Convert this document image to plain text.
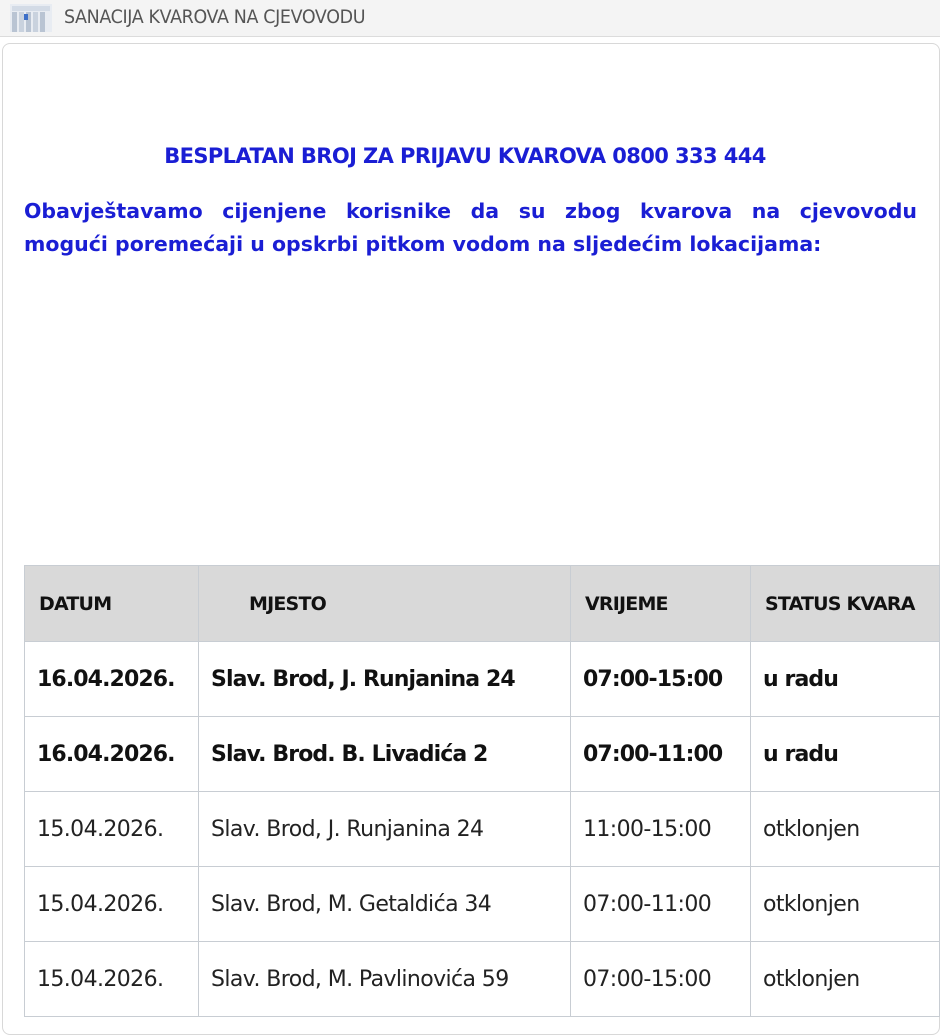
SANACIJA KVAROVA NA CJEVOVODU
BESPLATAN BROJ ZA PRIJAVU KVAROVA 0800 333 444
Obavještavamo cijenjene korisnike da su zbog kvarova na cjevovodu
mogući poremećaji u opskrbi pitkom vodom na sljedećim lokacijama:
DATUM	MJESTO	VRIJEME	STATUS KVARA
16.04.2026.	Slav. Brod, J. Runjanina 24	07:00-15:00	u radu
16.04.2026.	Slav. Brod. B. Livadića 2	07:00-11:00	u radu
15.04.2026.	Slav. Brod, J. Runjanina 24	11:00-15:00	otklonjen
15.04.2026.	Slav. Brod, M. Getaldića 34	07:00-11:00	otklonjen
15.04.2026.	Slav. Brod, M. Pavlinovića 59	07:00-15:00	otklonjen
